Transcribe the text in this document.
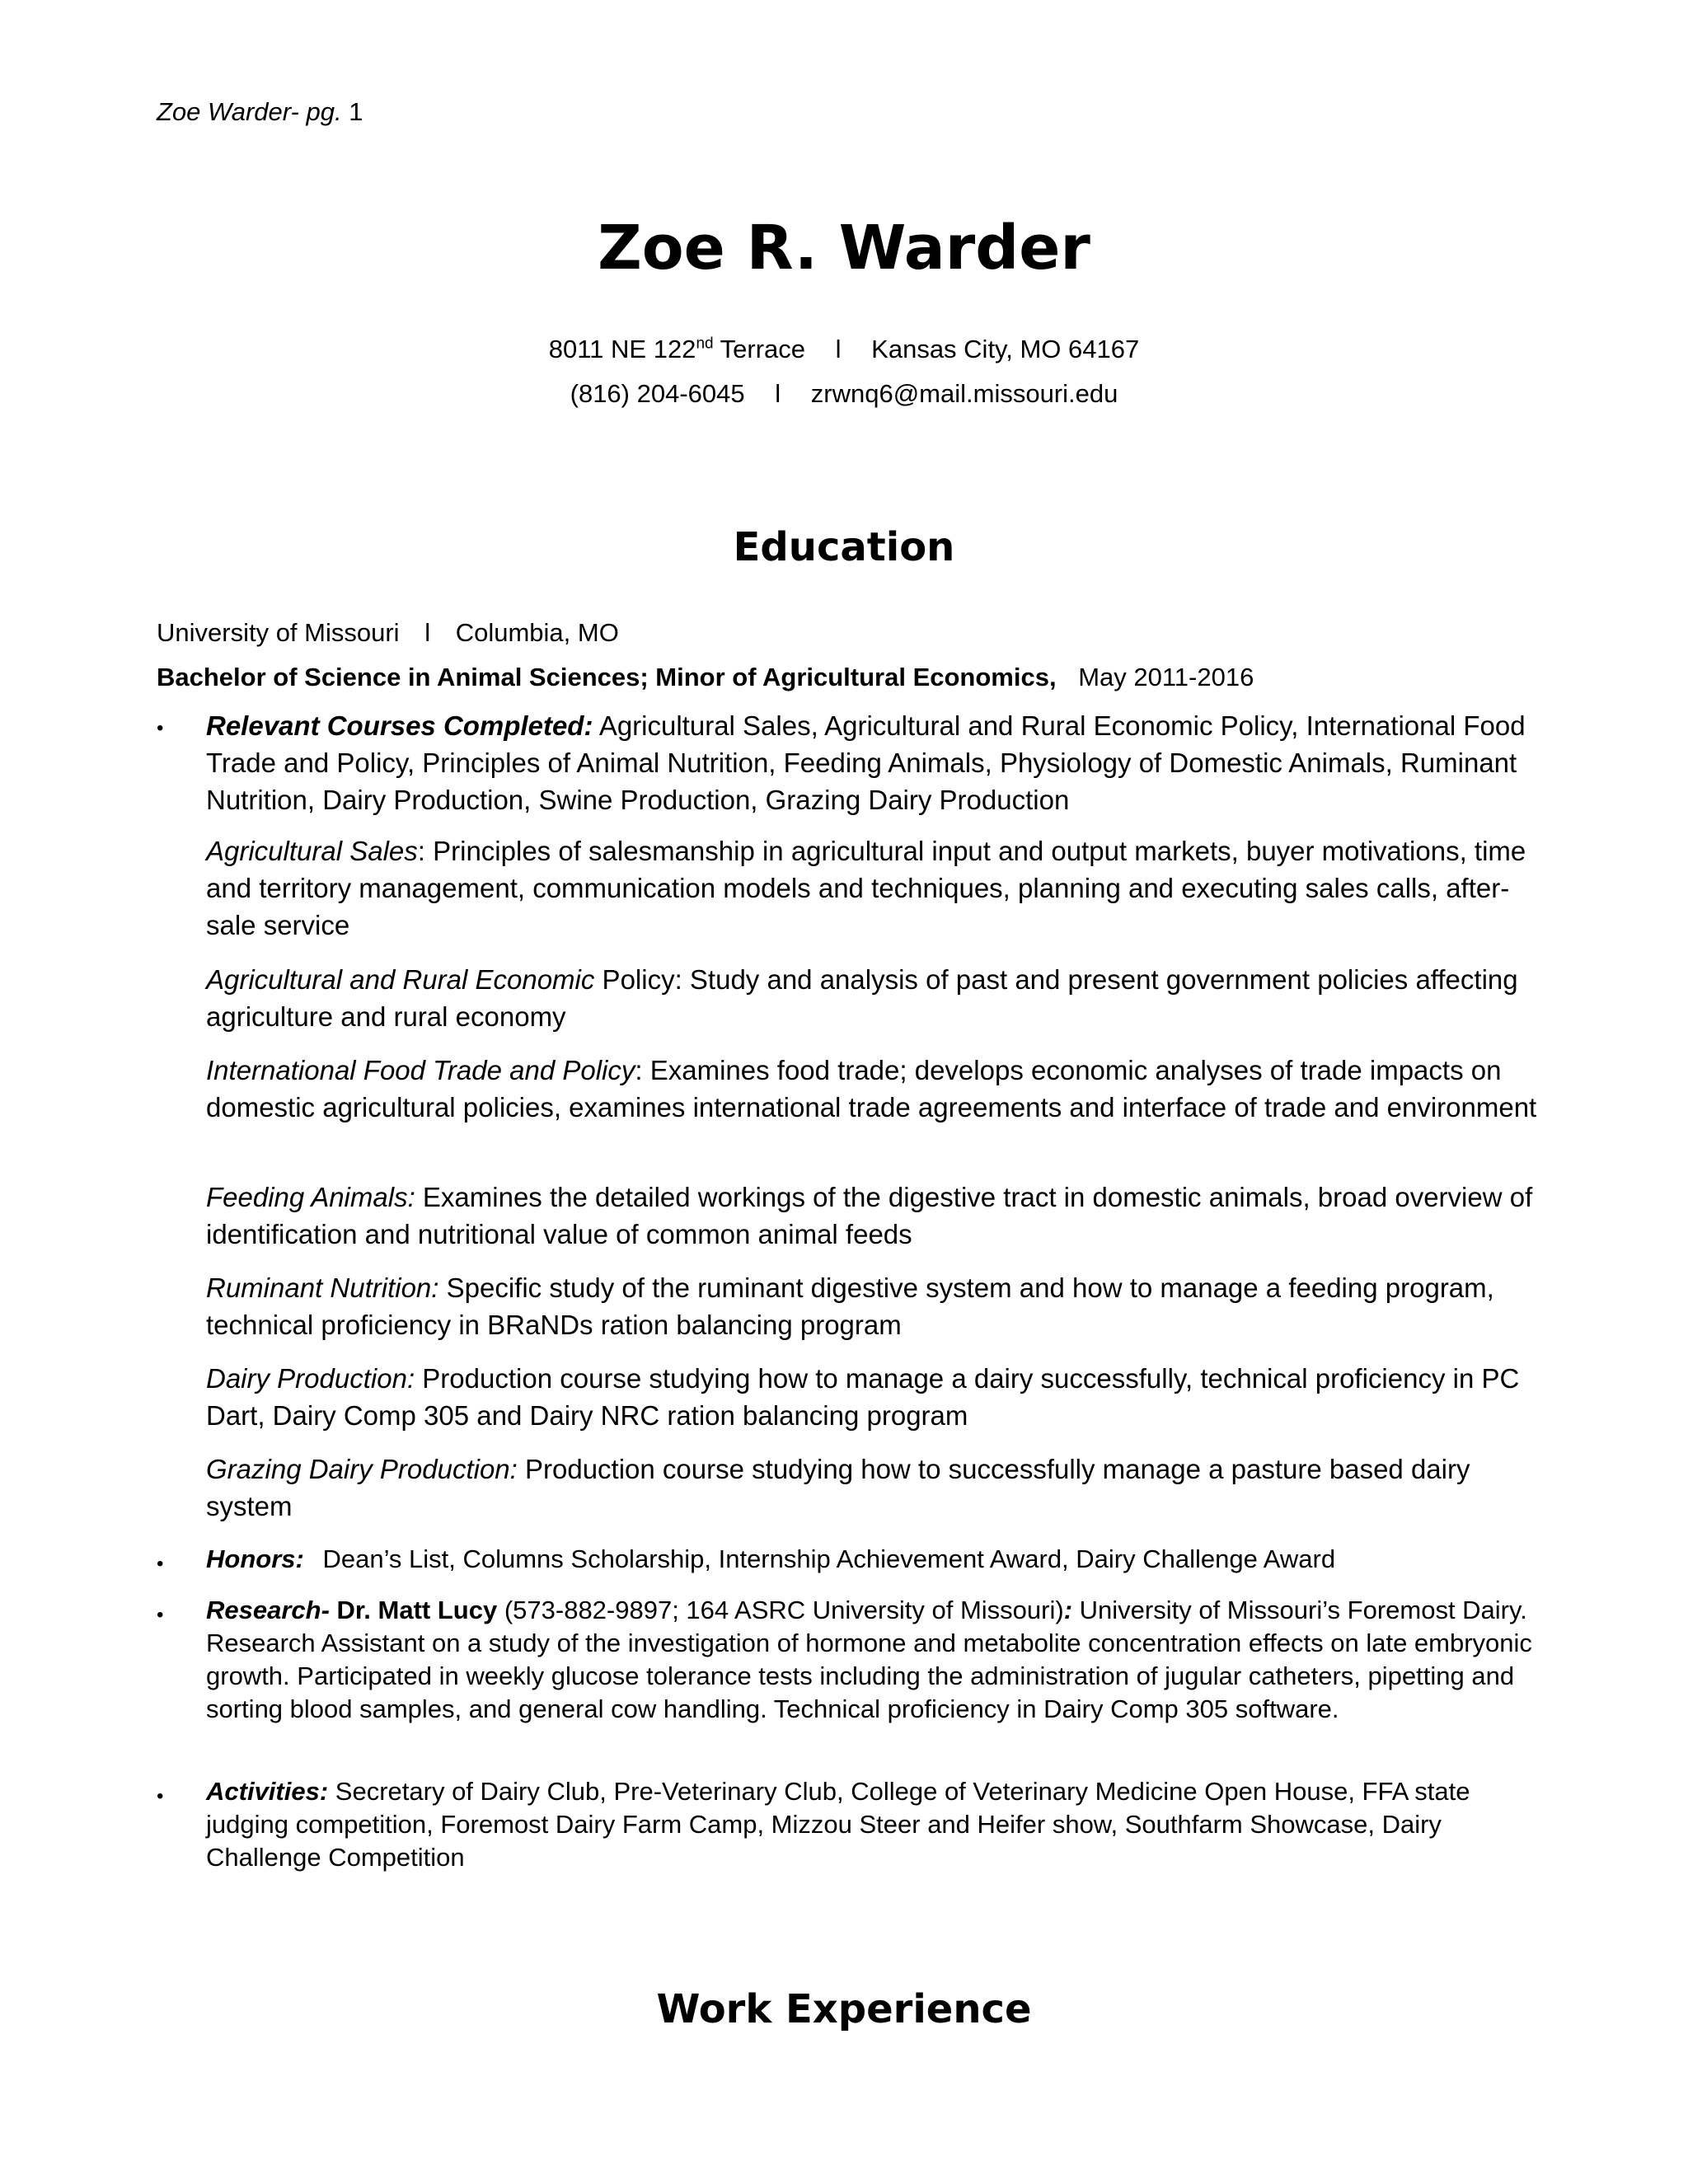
Zoe Warder- pg. 1
Zoe R. Warder
8011 NE 122nd Terrace l Kansas City, MO 64167
(816) 204-6045 l zrwnq6@mail.missouri.edu
Education
University of Missouri l Columbia, MO
Bachelor of Science in Animal Sciences; Minor of Agricultural Economics, May 2011-2016
• Relevant Courses Completed: Agricultural Sales, Agricultural and Rural Economic Policy, International Food Trade and Policy, Principles of Animal Nutrition, Feeding Animals, Physiology of Domestic Animals, Ruminant Nutrition, Dairy Production, Swine Production, Grazing Dairy Production
Agricultural Sales: Principles of salesmanship in agricultural input and output markets, buyer motivations, time and territory management, communication models and techniques, planning and executing sales calls, after-sale service
Agricultural and Rural Economic Policy: Study and analysis of past and present government policies affecting agriculture and rural economy
International Food Trade and Policy: Examines food trade; develops economic analyses of trade impacts on domestic agricultural policies, examines international trade agreements and interface of trade and environment
Feeding Animals: Examines the detailed workings of the digestive tract in domestic animals, broad overview of identification and nutritional value of common animal feeds
Ruminant Nutrition: Specific study of the ruminant digestive system and how to manage a feeding program, technical proficiency in BRaNDs ration balancing program
Dairy Production: Production course studying how to manage a dairy successfully, technical proficiency in PC Dart, Dairy Comp 305 and Dairy NRC ration balancing program
Grazing Dairy Production: Production course studying how to successfully manage a pasture based dairy system
• Honors: Dean’s List, Columns Scholarship, Internship Achievement Award, Dairy Challenge Award
• Research- Dr. Matt Lucy (573-882-9897; 164 ASRC University of Missouri): University of Missouri’s Foremost Dairy. Research Assistant on a study of the investigation of hormone and metabolite concentration effects on late embryonic growth. Participated in weekly glucose tolerance tests including the administration of jugular catheters, pipetting and sorting blood samples, and general cow handling. Technical proficiency in Dairy Comp 305 software.
• Activities: Secretary of Dairy Club, Pre-Veterinary Club, College of Veterinary Medicine Open House, FFA state judging competition, Foremost Dairy Farm Camp, Mizzou Steer and Heifer show, Southfarm Showcase, Dairy Challenge Competition
Work Experience
